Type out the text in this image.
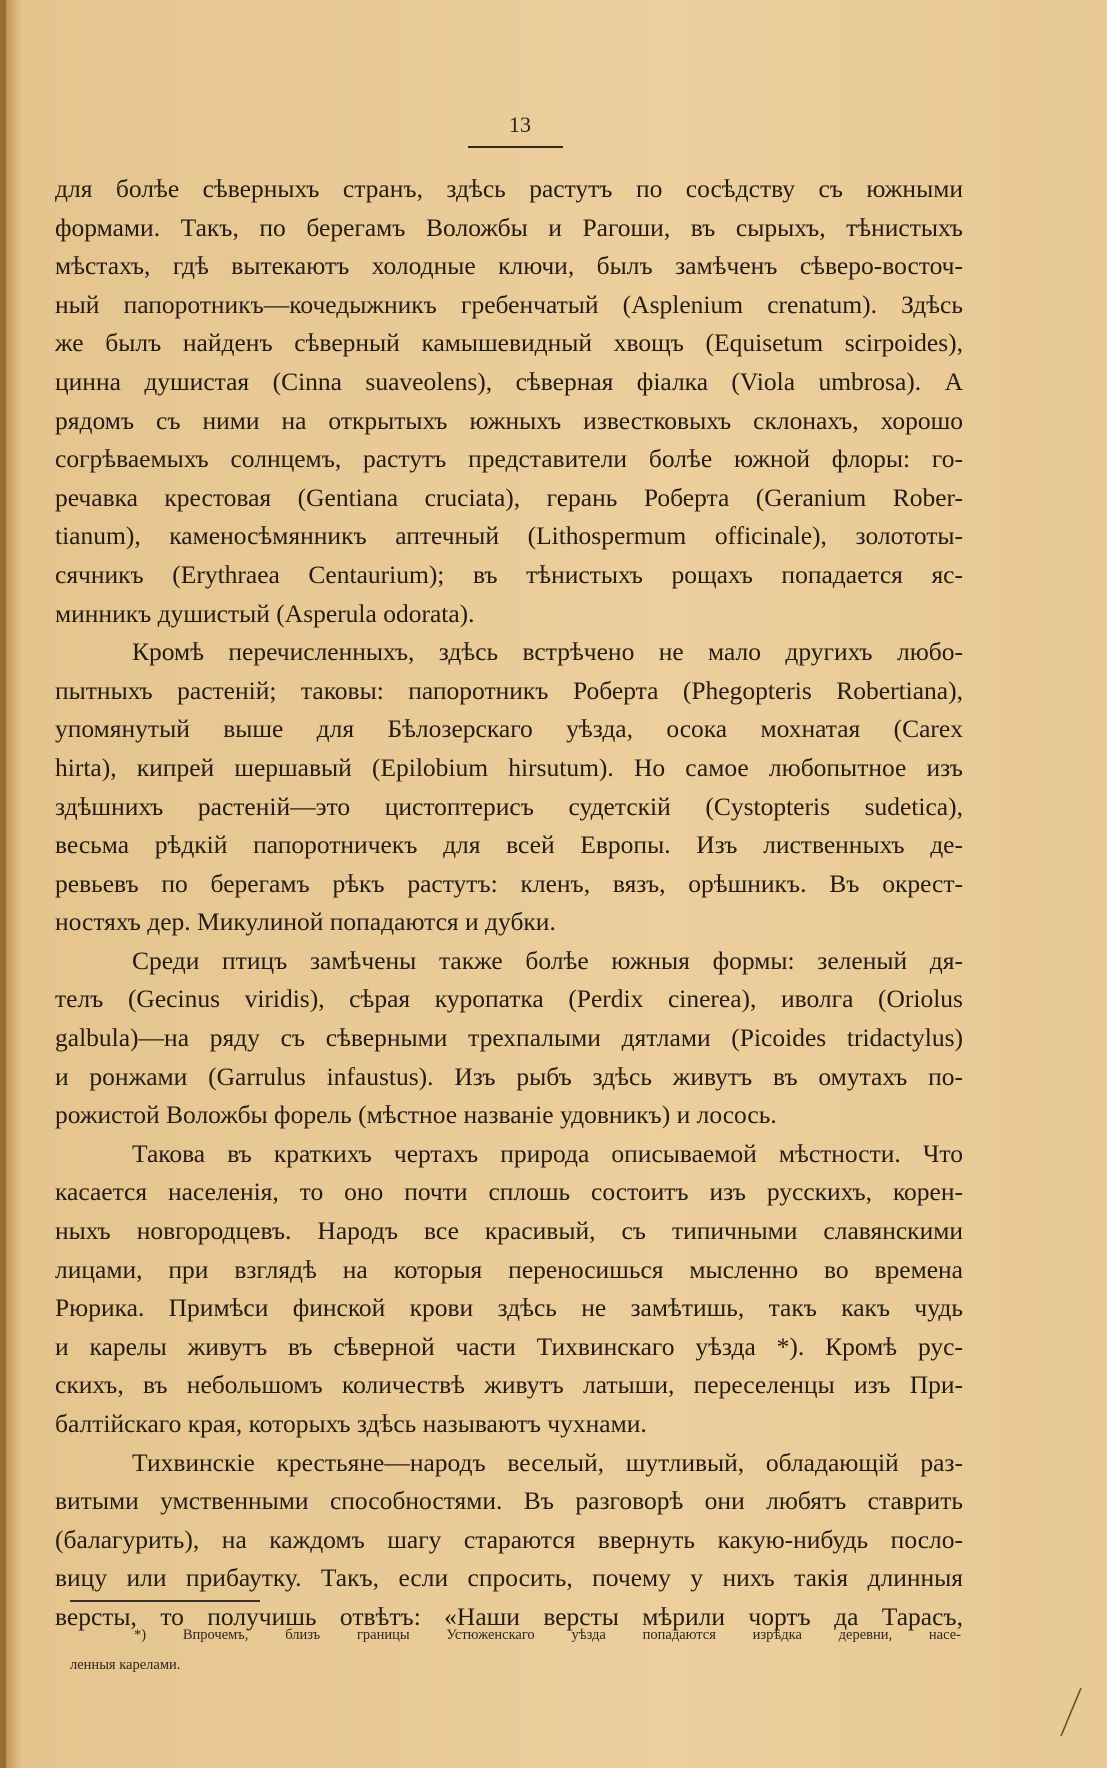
13
для болѣе сѣверныхъ странъ, здѣсь растутъ по сосѣдству съ южными
формами. Такъ, по берегамъ Воложбы и Рагоши, въ сырыхъ, тѣнистыхъ
мѣстахъ, гдѣ вытекаютъ холодные ключи, былъ замѣченъ сѣверо-восточ-
ный папоротникъ—кочедыжникъ гребенчатый (Asplenium crenatum). Здѣсь
же былъ найденъ сѣверный камышевидный хвощъ (Equisetum scirpoides),
цинна душистая (Cinna suaveolens), сѣверная фіалка (Viola umbrosa). А
рядомъ съ ними на открытыхъ южныхъ известковыхъ склонахъ, хорошо
согрѣваемыхъ солнцемъ, растутъ представители болѣе южной флоры: го-
речавка крестовая (Gentiana cruciata), герань Роберта (Geranium Rober-
tianum), каменосѣмянникъ аптечный (Lithospermum officinale), золототы-
сячникъ (Erythraea Centaurium); въ тѣнистыхъ рощахъ попадается яс-
минникъ душистый (Asperula odorata).
Кромѣ перечисленныхъ, здѣсь встрѣчено не мало другихъ любо-
пытныхъ растеній; таковы: папоротникъ Роберта (Phegopteris Robertiana),
упомянутый выше для Бѣлозерскаго уѣзда, осока мохнатая (Carex
hirta), кипрей шершавый (Epilobium hirsutum). Но самое любопытное изъ
здѣшнихъ растеній—это цистоптерисъ судетскій (Cystopteris sudetica),
весьма рѣдкій папоротничекъ для всей Европы. Изъ лиственныхъ де-
ревьевъ по берегамъ рѣкъ растутъ: кленъ, вязъ, орѣшникъ. Въ окрест-
ностяхъ дер. Микулиной попадаются и дубки.
Среди птицъ замѣчены также болѣе южныя формы: зеленый дя-
телъ (Gecinus viridis), сѣрая куропатка (Perdix cinerea), иволга (Oriolus
galbula)—на ряду съ сѣверными трехпалыми дятлами (Picoides tridactylus)
и ронжами (Garrulus infaustus). Изъ рыбъ здѣсь живутъ въ омутахъ по-
рожистой Воложбы форель (мѣстное названіе удовникъ) и лосось.
Такова въ краткихъ чертахъ природа описываемой мѣстности. Что
касается населенія, то оно почти сплошь состоитъ изъ русскихъ, корен-
ныхъ новгородцевъ. Народъ все красивый, съ типичными славянскими
лицами, при взглядѣ на которыя переносишься мысленно во времена
Рюрика. Примѣси финской крови здѣсь не замѣтишь, такъ какъ чудь
и карелы живутъ въ сѣверной части Тихвинскаго уѣзда *). Кромѣ рус-
скихъ, въ небольшомъ количествѣ живутъ латыши, переселенцы изъ При-
балтійскаго края, которыхъ здѣсь называютъ чухнами.
Тихвинскіе крестьяне—народъ веселый, шутливый, обладающій раз-
витыми умственными способностями. Въ разговорѣ они любятъ ставрить
(балагурить), на каждомъ шагу стараются ввернуть какую-нибудь посло-
вицу или прибаутку. Такъ, если спросить, почему у нихъ такія длинныя
версты, то получишь отвѣтъ: «Наши версты мѣрили чортъ да Тарасъ,
*) Впрочемъ, близъ границы Устюженскаго уѣзда попадаются изрѣдка деревни, насе-
ленныя карелами.
